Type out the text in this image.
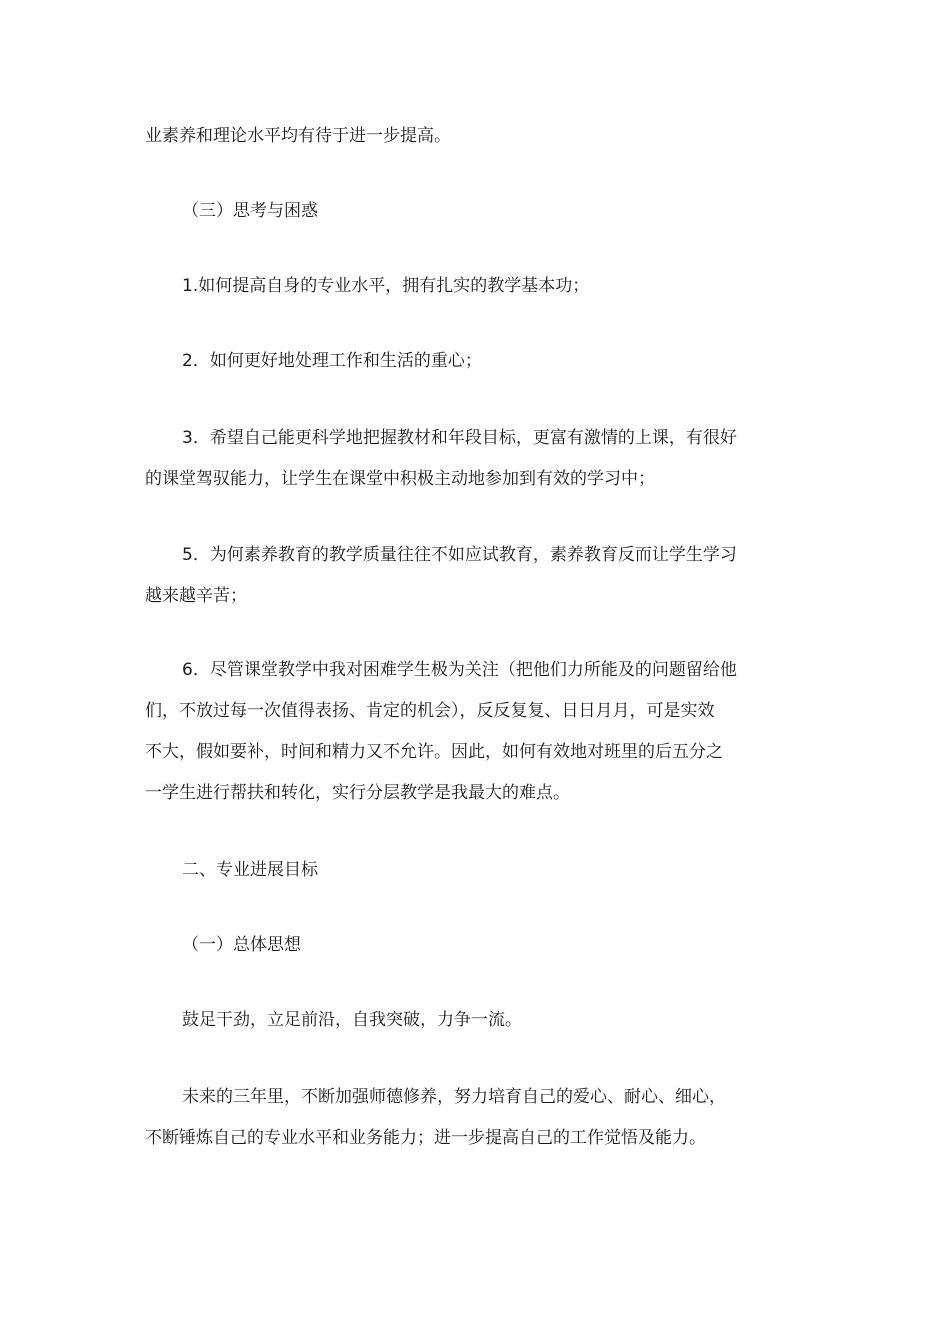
业素养和理论水平均有待于进一步提高。

（三）思考与困惑

1.如何提高自身的专业水平，拥有扎实的教学基本功；

2．如何更好地处理工作和生活的重心；

3．希望自己能更科学地把握教材和年段目标，更富有激情的上课，有很好
的课堂驾驭能力，让学生在课堂中积极主动地参加到有效的学习中；

5．为何素养教育的教学质量往往不如应试教育，素养教育反而让学生学习
越来越辛苦；

6．尽管课堂教学中我对困难学生极为关注（把他们力所能及的问题留给他
们，不放过每一次值得表扬、肯定的机会），反反复复、日日月月，可是实效
不大，假如要补，时间和精力又不允许。因此，如何有效地对班里的后五分之
一学生进行帮扶和转化，实行分层教学是我最大的难点。

二、专业进展目标

（一）总体思想

鼓足干劲，立足前沿，自我突破，力争一流。

未来的三年里，不断加强师德修养，努力培育自己的爱心、耐心、细心，
不断锤炼自己的专业水平和业务能力；进一步提高自己的工作觉悟及能力。
